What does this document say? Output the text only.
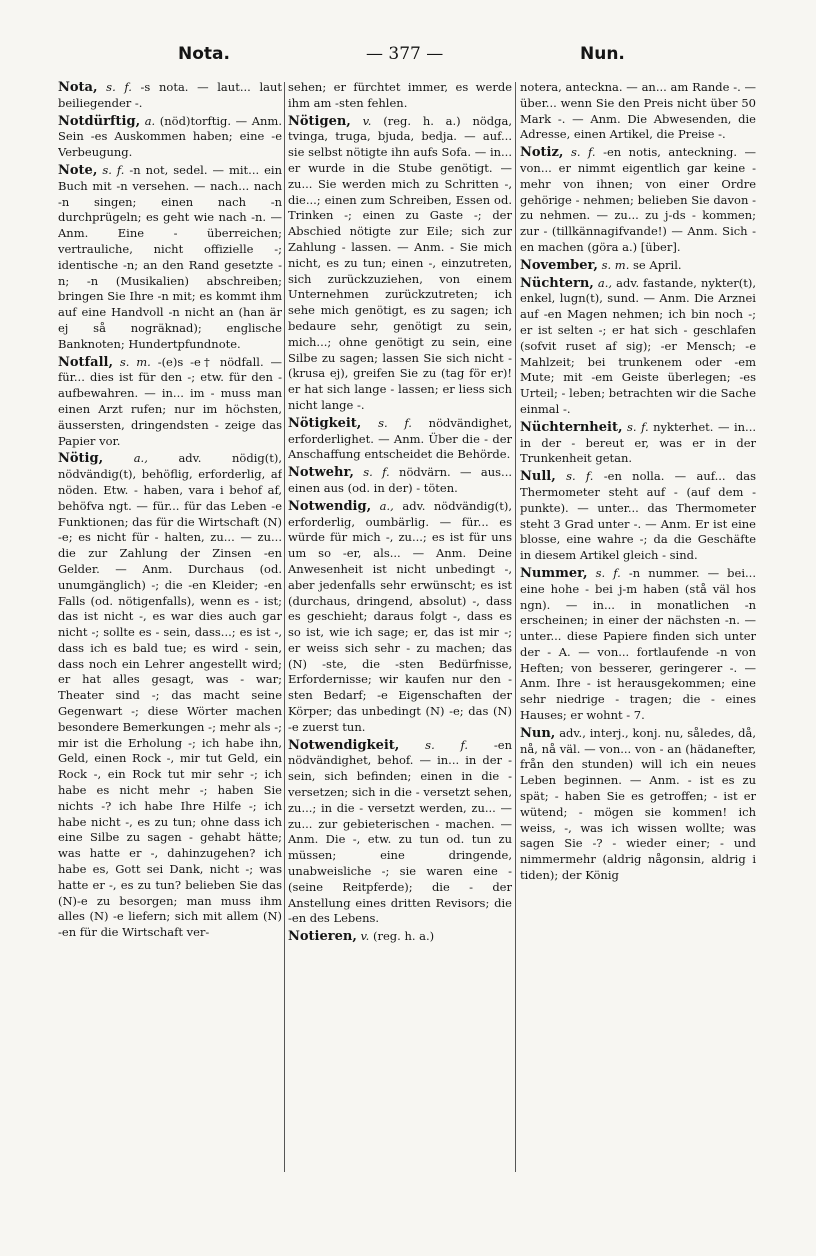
Nota.	— 377 —	Nun.

Nota, s. f. -s nota. — laut... laut beiliegender -.

Notdürftig, a. (nöd)torftig. — Anm. Sein -es Auskommen haben; eine -e Verbeugung.

Note, s. f. -n not, sedel. — mit... ein Buch mit -n versehen. — nach... nach -n singen; einen nach -n durchprügeln; es geht wie nach -n. — Anm. Eine - überreichen; vertrauliche, nicht offizielle -; identische -n; an den Rand gesetzte -n; -n (Musikalien) abschreiben; bringen Sie Ihre -n mit; es kommt ihm auf eine Handvoll -n nicht an (han är ej så nogräknad); englische Banknoten; Hundertpfundnote.

Notfall, s. m. -(e)s -e† nödfall. — für... dies ist für den -; etw. für den - aufbewahren. — in... im - muss man einen Arzt rufen; nur im höchsten, äussersten, dringendsten - zeige das Papier vor.

Nötig,	a.,	adv. nödig(t), nödvändig(t), behöflig, erforderlig, af nöden. Etw. - haben, vara i behof af, behöfva ngt. — für... für das Leben -e Funktionen; das für die Wirtschaft (N) -e; es nicht für - halten, zu... — zu... die zur Zahlung der Zinsen -en Gelder. — Anm. Durchaus (od. unumgänglich) -; die -en Kleider; -en Falls (od. nötigenfalls), wenn es - ist; das ist nicht -, es war dies auch gar nicht -; sollte es - sein, dass...; es ist -, dass ich es bald tue; es wird - sein, dass noch ein Lehrer angestellt wird; er hat alles gesagt, was - war; Theater sind -; das macht seine Gegenwart -; diese Wörter machen besondere Bemerkungen -; mehr als -; mir ist die Erholung -; ich habe ihn, Geld, einen Rock -, mir tut Geld, ein Rock -, ein Rock tut mir sehr -; ich habe es nicht mehr -; haben Sie nichts -? ich habe Ihre Hilfe -; ich habe nicht -, es zu tun; ohne dass ich eine Silbe zu sagen - gehabt hätte; was hatte er -, dahinzugehen? ich habe es, Gott sei Dank, nicht -; was hatte er -, es zu tun? belieben Sie das (N)-e zu besorgen; man muss ihm alles (N) -e liefern; sich mit allem (N) -en für die Wirtschaft ver-

sehen; er fürchtet immer, es werde ihm am -sten fehlen.

Nötigen, v. (reg. h. a.) nödga, tvinga, truga, bjuda, bedja. — auf... sie selbst nötigte ihn aufs Sofa. — in... er wurde in die Stube genötigt. — zu... Sie werden mich zu Schritten -, die...; einen zum Schreiben, Essen od. Trinken -; einen zu Gaste -; der Abschied nötigte zur Eile; sich zur Zahlung - lassen. — Anm. - Sie mich nicht, es zu tun; einen -, einzutreten, sich zurückzuziehen, von einem Unternehmen zurückzutreten; ich sehe mich genötigt, es zu sagen; ich bedaure sehr, genötigt zu sein, mich...; ohne genötigt zu sein, eine Silbe zu sagen; lassen Sie sich nicht - (krusa ej), greifen Sie zu (tag för er)! er hat sich lange - lassen; er liess sich nicht lange -.

Nötigkeit, s. f. nödvändighet, erforderlighet. — Anm. Über die - der Anschaffung entscheidet die Behörde.

Notwehr, s. f. nödvärn. — aus... einen aus (od. in der) - töten.

Notwendig, a., adv. nödvändig(t), erforderlig, oumbärlig. — für... es würde für mich -, zu...; es ist für uns um so -er, als... — Anm. Deine Anwesenheit ist nicht unbedingt -, aber jedenfalls sehr erwünscht; es ist (durchaus, dringend, absolut) -, dass es geschieht; daraus folgt -, dass es so ist, wie ich sage; er, das ist mir -; er weiss sich sehr - zu machen; das (N) -ste, die -sten Bedürfnisse, Erfordernisse; wir kaufen nur den -sten Bedarf; -e Eigenschaften der Körper; das unbedingt (N) -e; das (N) -e zuerst tun.

Notwendigkeit, s. f. -en nödvändighet, behof. — in... in der - sein, sich befinden; einen in die - versetzen; sich in die - versetzt sehen, zu...; in die - versetzt werden, zu... — zu... zur gebieterischen - machen. — Anm. Die -, etw. zu tun od. tun zu müssen; eine dringende, unabweisliche -; sie waren eine - (seine Reitpferde); die - der Anstellung eines dritten Revisors; die -en des Lebens.

Notieren, v. (reg. h. a.)

notera, anteckna. — an... am Rande -. — über... wenn Sie den Preis nicht über 50 Mark -. — Anm. Die Abwesenden, die Adresse, einen Artikel, die Preise -.

Notiz, s. f. -en notis, anteckning. — von... er nimmt eigentlich gar keine - mehr von ihnen; von einer Ordre gehörige - nehmen; belieben Sie davon - zu nehmen. — zu... zu j-ds - kommen; zur - (tillkännagifvande!) — Anm. Sich -en machen (göra a.) [über].

November, s. m. se April.

Nüchtern, a., adv. fastande, nykter(t), enkel, lugn(t), sund. — Anm. Die Arznei auf -en Magen nehmen; ich bin noch -; er ist selten -; er hat sich - geschlafen (sofvit ruset af sig); -er Mensch; -e Mahlzeit; bei trunkenem oder -em Mute; mit -em Geiste überlegen; -es Urteil; - leben; betrachten wir die Sache einmal -.

Nüchternheit, s. f. nykterhet. — in... in der - bereut er, was er in der Trunkenheit getan.

Null, s. f. -en nolla. — auf... das Thermometer steht auf - (auf dem -punkte). — unter... das Thermometer steht 3 Grad unter -. — Anm. Er ist eine blosse, eine wahre -; da die Geschäfte in diesem Artikel gleich - sind.

Nummer, s. f. -n nummer. — bei... eine hohe - bei j-m haben (stå väl hos ngn). — in... in monatlichen -n erscheinen; in einer der nächsten -n. — unter... diese Papiere finden sich unter der - A. — von... fortlaufende -n von Heften; von besserer, geringerer -. — Anm. Ihre - ist herausgekommen; eine sehr niedrige - tragen; die - eines Hauses; er wohnt - 7.

Nun, adv., interj., konj. nu, således, då, nå, nå väl. — von... von - an (hädanefter, från den stunden) will ich ein neues Leben beginnen. — Anm. - ist es zu spät; - haben Sie es getroffen; - ist er wütend; - mögen sie kommen! ich weiss, -, was ich wissen wollte; was sagen Sie -? - wieder einer; - und nimmermehr (aldrig någonsin, aldrig i tiden); der König
